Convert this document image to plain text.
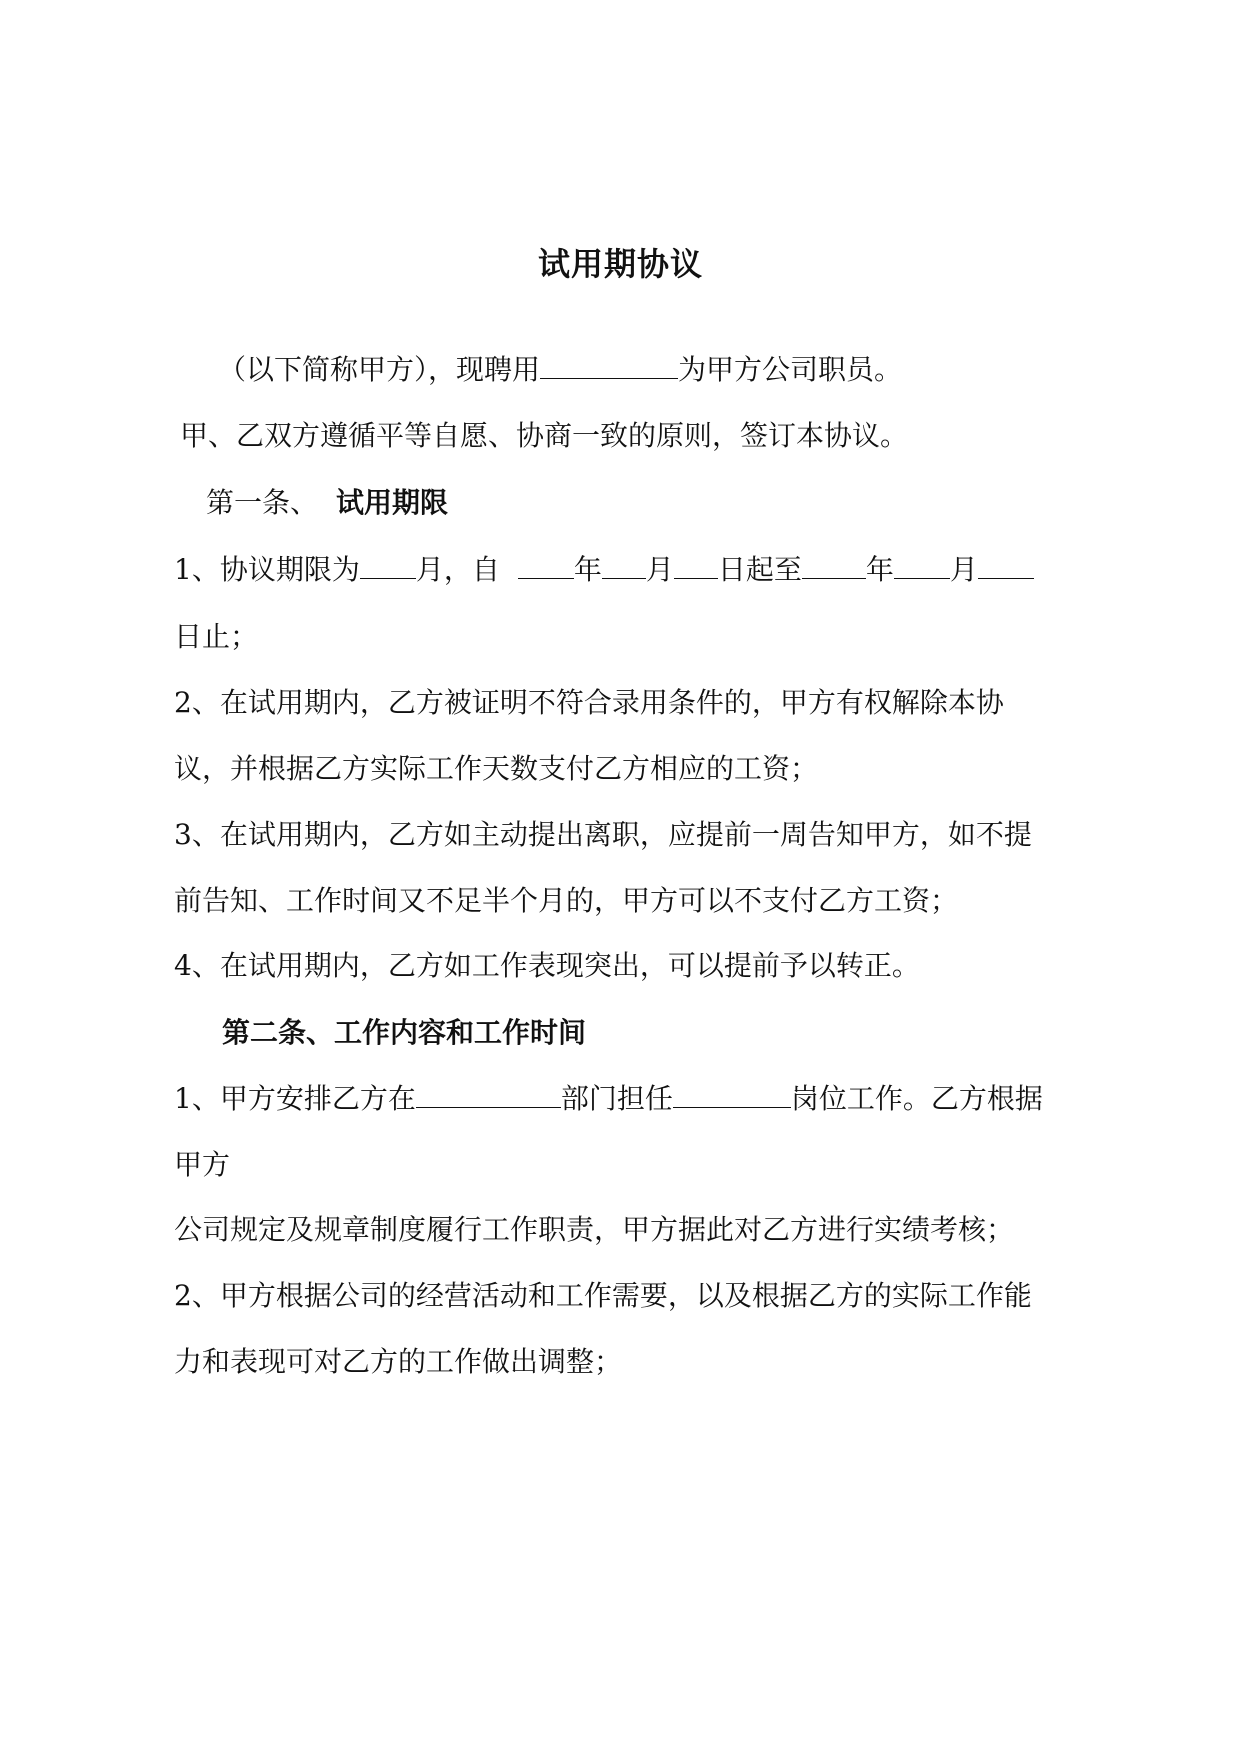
试用期协议
（以下简称甲方），现聘用	为甲方公司职员。
甲、乙双方遵循平等自愿、协商一致的原则，签订本协议。
第一条、 试用期限
1、协议期限为 月，自	年 月 日起至 年 月
日止；
2、在试用期内，乙方被证明不符合录用条件的，甲方有权解除本协
议，并根据乙方实际工作天数支付乙方相应的工资；
3、在试用期内，乙方如主动提出离职，应提前一周告知甲方，如不提
前告知、工作时间又不足半个月的，甲方可以不支付乙方工资；
4、在试用期内，乙方如工作表现突出，可以提前予以转正。
第二条、工作内容和工作时间
1、甲方安排乙方在	部门担任	岗位工作。乙方根据
甲方
公司规定及规章制度履行工作职责，甲方据此对乙方进行实绩考核；
2、甲方根据公司的经营活动和工作需要，以及根据乙方的实际工作能
力和表现可对乙方的工作做出调整；
